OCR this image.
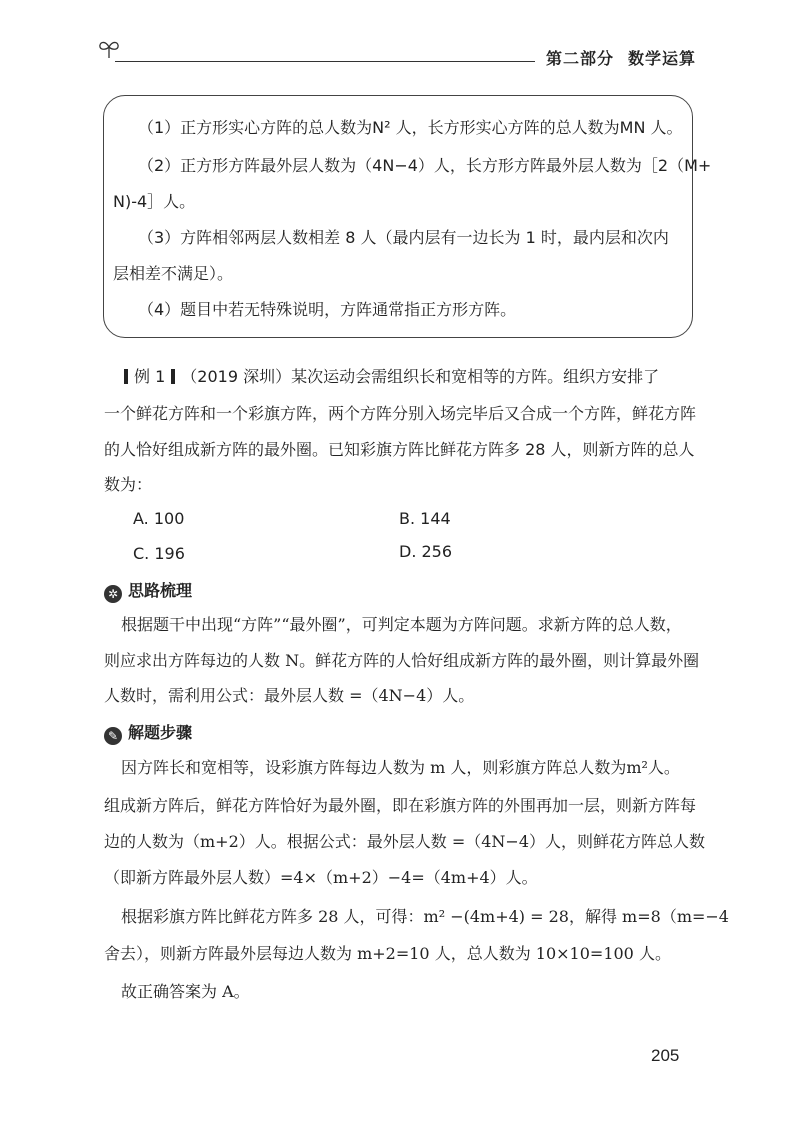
第二部分 数学运算
（1）正方形实心方阵的总人数为N² 人，长方形实心方阵的总人数为MN 人。
（2）正方形方阵最外层人数为（4N−4）人，长方形方阵最外层人数为［2（M+
N)-4］人。
（3）方阵相邻两层人数相差 8 人（最内层有一边长为 1 时，最内层和次内
层相差不满足）。
（4）题目中若无特殊说明，方阵通常指正方形方阵。
例 1 （2019 深圳）某次运动会需组织长和宽相等的方阵。组织方安排了
一个鲜花方阵和一个彩旗方阵，两个方阵分别入场完毕后又合成一个方阵，鲜花方阵
的人恰好组成新方阵的最外圈。已知彩旗方阵比鲜花方阵多 28 人，则新方阵的总人
数为：
A. 100	B. 144
C. 196	D. 256
✲ 思路梳理
根据题干中出现“方阵”“最外圈”，可判定本题为方阵问题。求新方阵的总人数，
则应求出方阵每边的人数 N。鲜花方阵的人恰好组成新方阵的最外圈，则计算最外圈
人数时，需利用公式：最外层人数 =（4N−4）人。
✎ 解题步骤
因方阵长和宽相等，设彩旗方阵每边人数为 m 人，则彩旗方阵总人数为m²人。
组成新方阵后，鲜花方阵恰好为最外圈，即在彩旗方阵的外围再加一层，则新方阵每
边的人数为（m+2）人。根据公式：最外层人数 =（4N−4）人，则鲜花方阵总人数
（即新方阵最外层人数）=4×（m+2）−4=（4m+4）人。
根据彩旗方阵比鲜花方阵多 28 人，可得：m² −(4m+4) = 28，解得 m=8（m=−4
舍去），则新方阵最外层每边人数为 m+2=10 人，总人数为 10×10=100 人。
故正确答案为 A。
205
